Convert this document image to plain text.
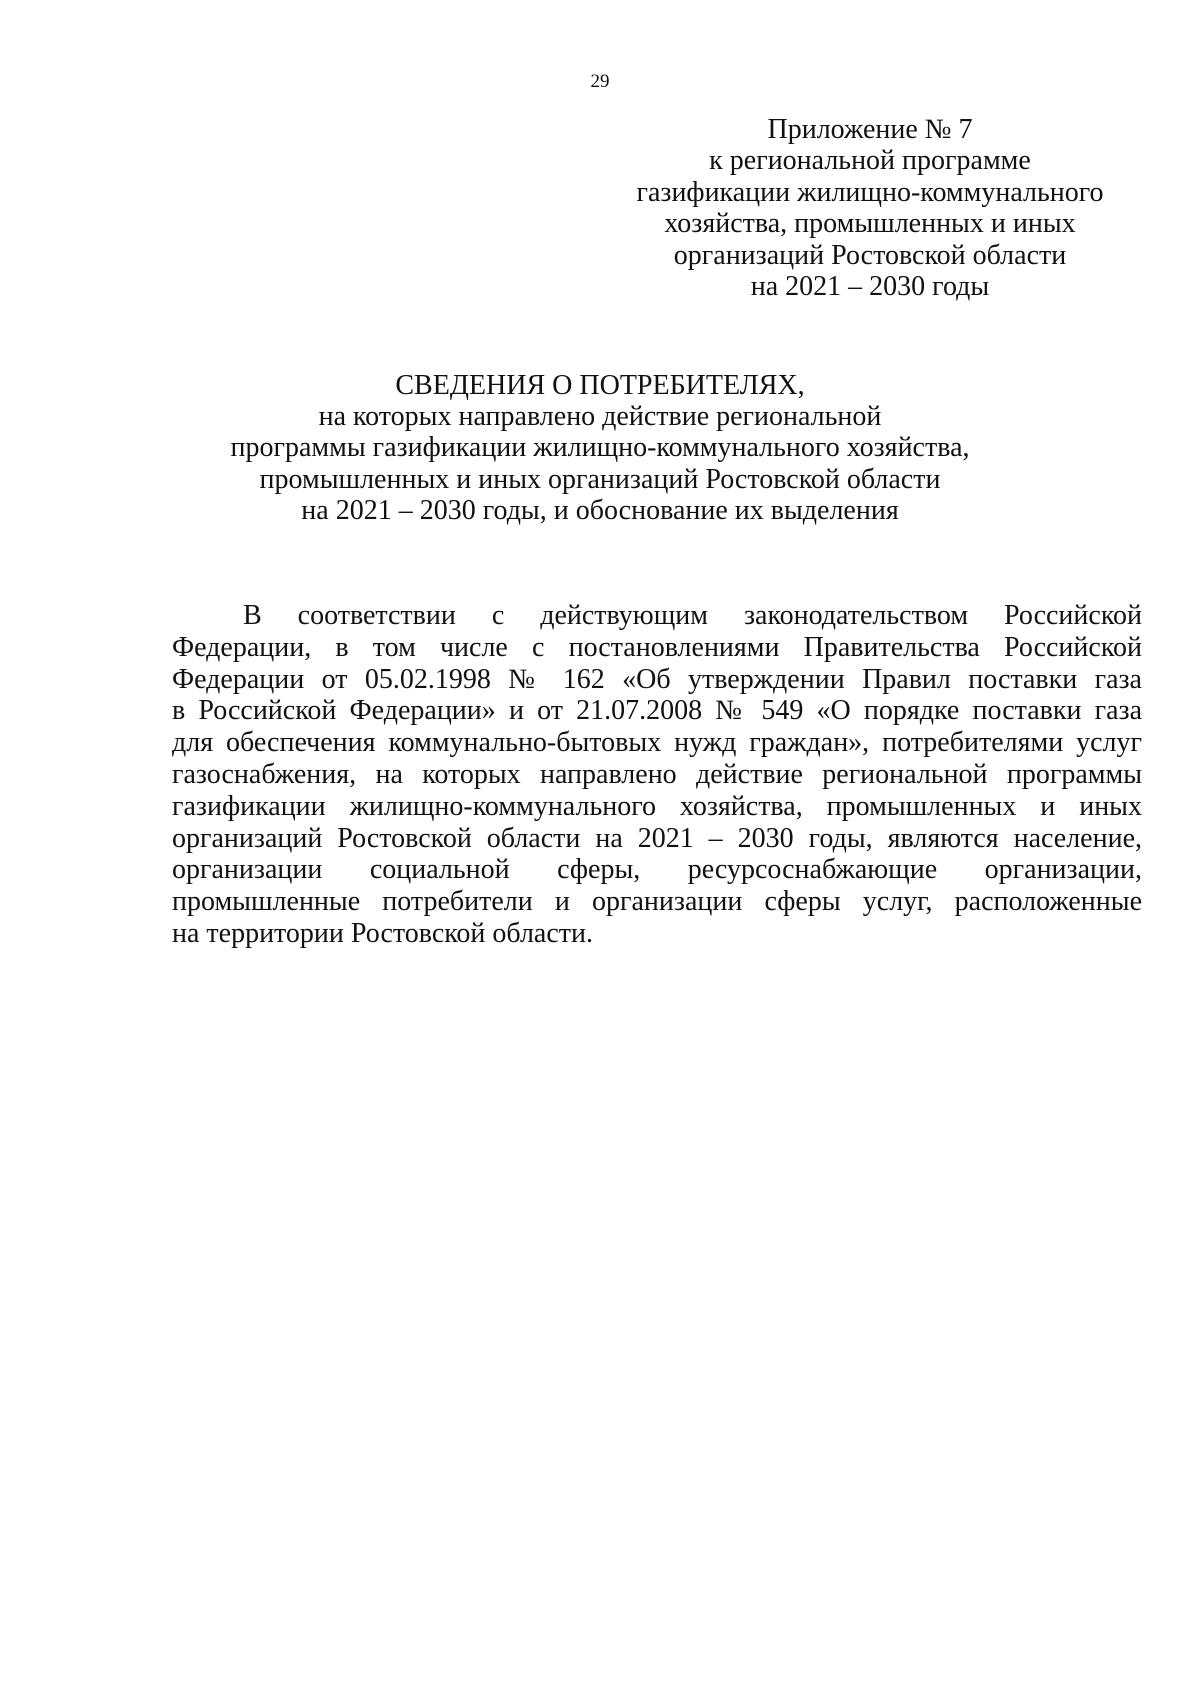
29
Приложение № 7
к региональной программе
газификации жилищно-коммунального
хозяйства, промышленных и иных
организаций Ростовской области
на 2021 – 2030 годы
СВЕДЕНИЯ О ПОТРЕБИТЕЛЯХ,
на которых направлено действие региональной
программы газификации жилищно-коммунального хозяйства,
промышленных и иных организаций Ростовской области
на 2021 – 2030 годы, и обоснование их выделения
В соответствии с действующим законодательством Российской
Федерации, в том числе с постановлениями Правительства Российской
Федерации от 05.02.1998 № 162 «Об утверждении Правил поставки газа
в Российской Федерации» и от 21.07.2008 № 549 «О порядке поставки газа
для обеспечения коммунально-бытовых нужд граждан», потребителями услуг
газоснабжения, на которых направлено действие региональной программы
газификации жилищно-коммунального хозяйства, промышленных и иных
организаций Ростовской области на 2021 – 2030 годы, являются население,
организации социальной сферы, ресурсоснабжающие организации,
промышленные потребители и организации сферы услуг, расположенные
на территории Ростовской области.
